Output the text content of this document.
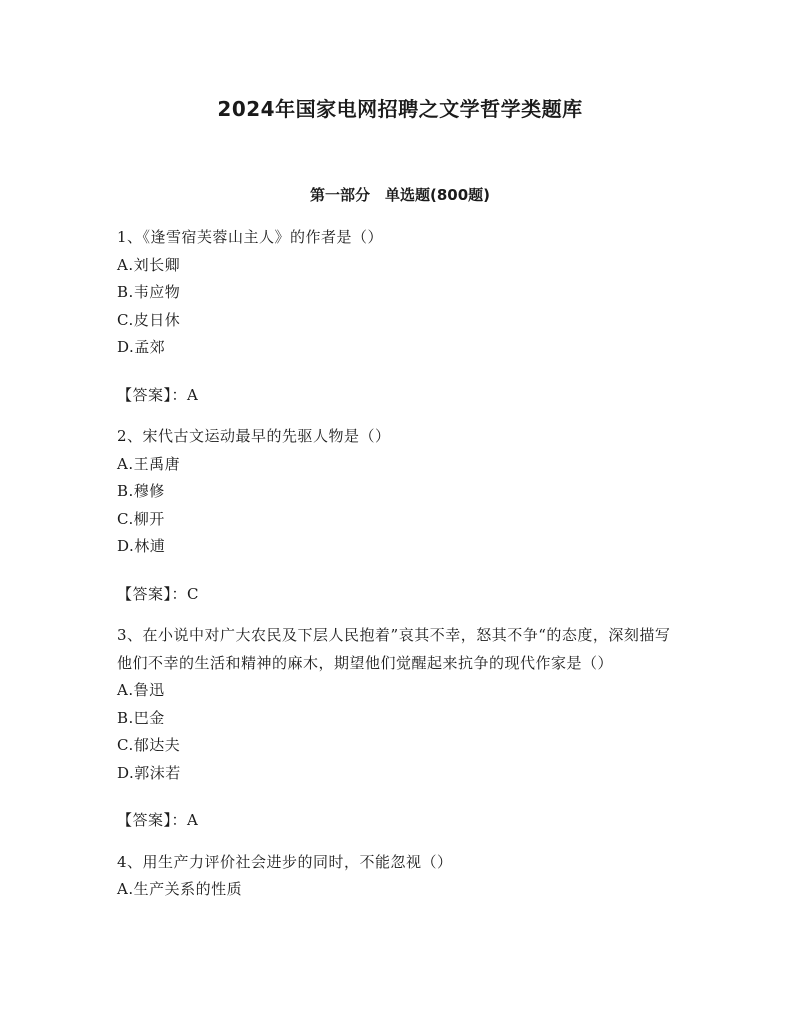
2024年国家电网招聘之文学哲学类题库
第一部分　单选题(800题)

1、《逢雪宿芙蓉山主人》的作者是（）

A.刘长卿
B.韦应物
C.皮日休
D.孟郊

【答案】：A

2、宋代古文运动最早的先驱人物是（）

A.王禹唐
B.穆修
C.柳开
D.林逋

【答案】：C

3、在小说中对广大农民及下层人民抱着”哀其不幸，怒其不争“的态度，深刻描写他们不幸的生活和精神的麻木，期望他们觉醒起来抗争的现代作家是（）

A.鲁迅
B.巴金
C.郁达夫
D.郭沫若

【答案】：A

4、用生产力评价社会进步的同时，不能忽视（）

A.生产关系的性质
